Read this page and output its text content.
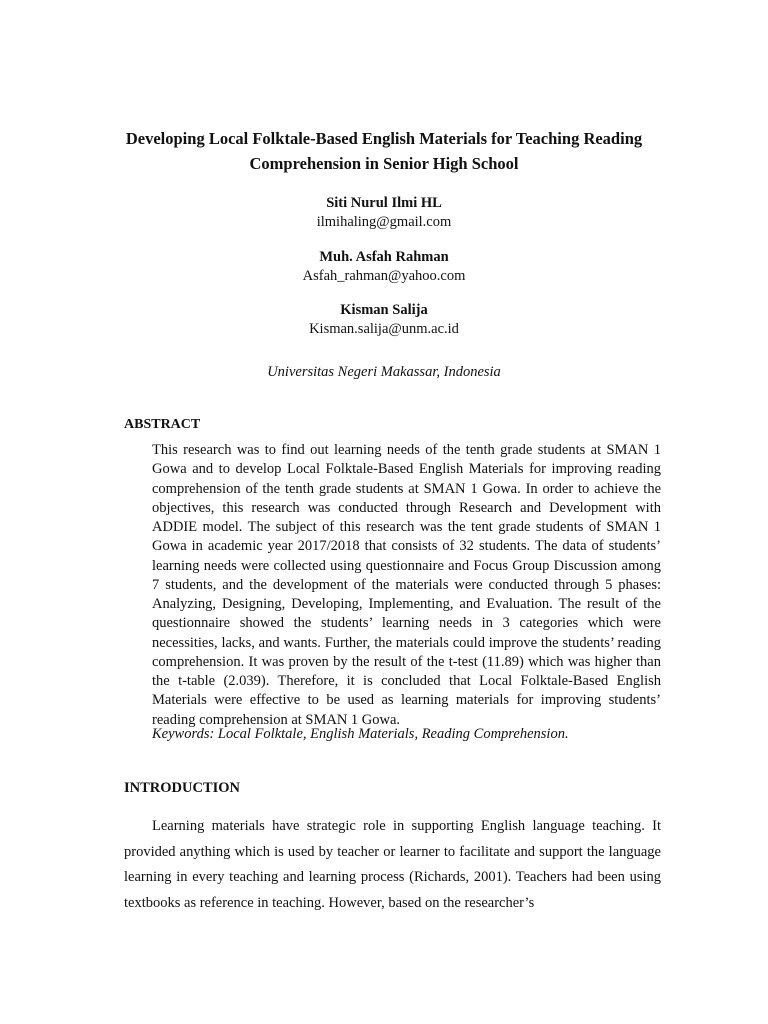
Developing Local Folktale-Based English Materials for Teaching Reading Comprehension in Senior High School
Siti Nurul Ilmi HL
ilmihaling@gmail.com
Muh. Asfah Rahman
Asfah_rahman@yahoo.com
Kisman Salija
Kisman.salija@unm.ac.id
Universitas Negeri Makassar, Indonesia
ABSTRACT

This research was to find out learning needs of the tenth grade students at SMAN 1 Gowa and to develop Local Folktale-Based English Materials for improving reading comprehension of the tenth grade students at SMAN 1 Gowa. In order to achieve the objectives, this research was conducted through Research and Development with ADDIE model. The subject of this research was the tent grade students of SMAN 1 Gowa in academic year 2017/2018 that consists of 32 students. The data of students’ learning needs were collected using questionnaire and Focus Group Discussion among 7 students, and the development of the materials were conducted through 5 phases: Analyzing, Designing, Developing, Implementing, and Evaluation. The result of the questionnaire showed the students’ learning needs in 3 categories which were necessities, lacks, and wants. Further, the materials could improve the students’ reading comprehension. It was proven by the result of the t-test (11.89) which was higher than the t-table (2.039). Therefore, it is concluded that Local Folktale-Based English Materials were effective to be used as learning materials for improving students’ reading comprehension at SMAN 1 Gowa.

Keywords: Local Folktale, English Materials, Reading Comprehension.
INTRODUCTION

Learning materials have strategic role in supporting English language teaching. It provided anything which is used by teacher or learner to facilitate and support the language learning in every teaching and learning process (Richards, 2001). Teachers had been using textbooks as reference in teaching. However, based on the researcher’s
